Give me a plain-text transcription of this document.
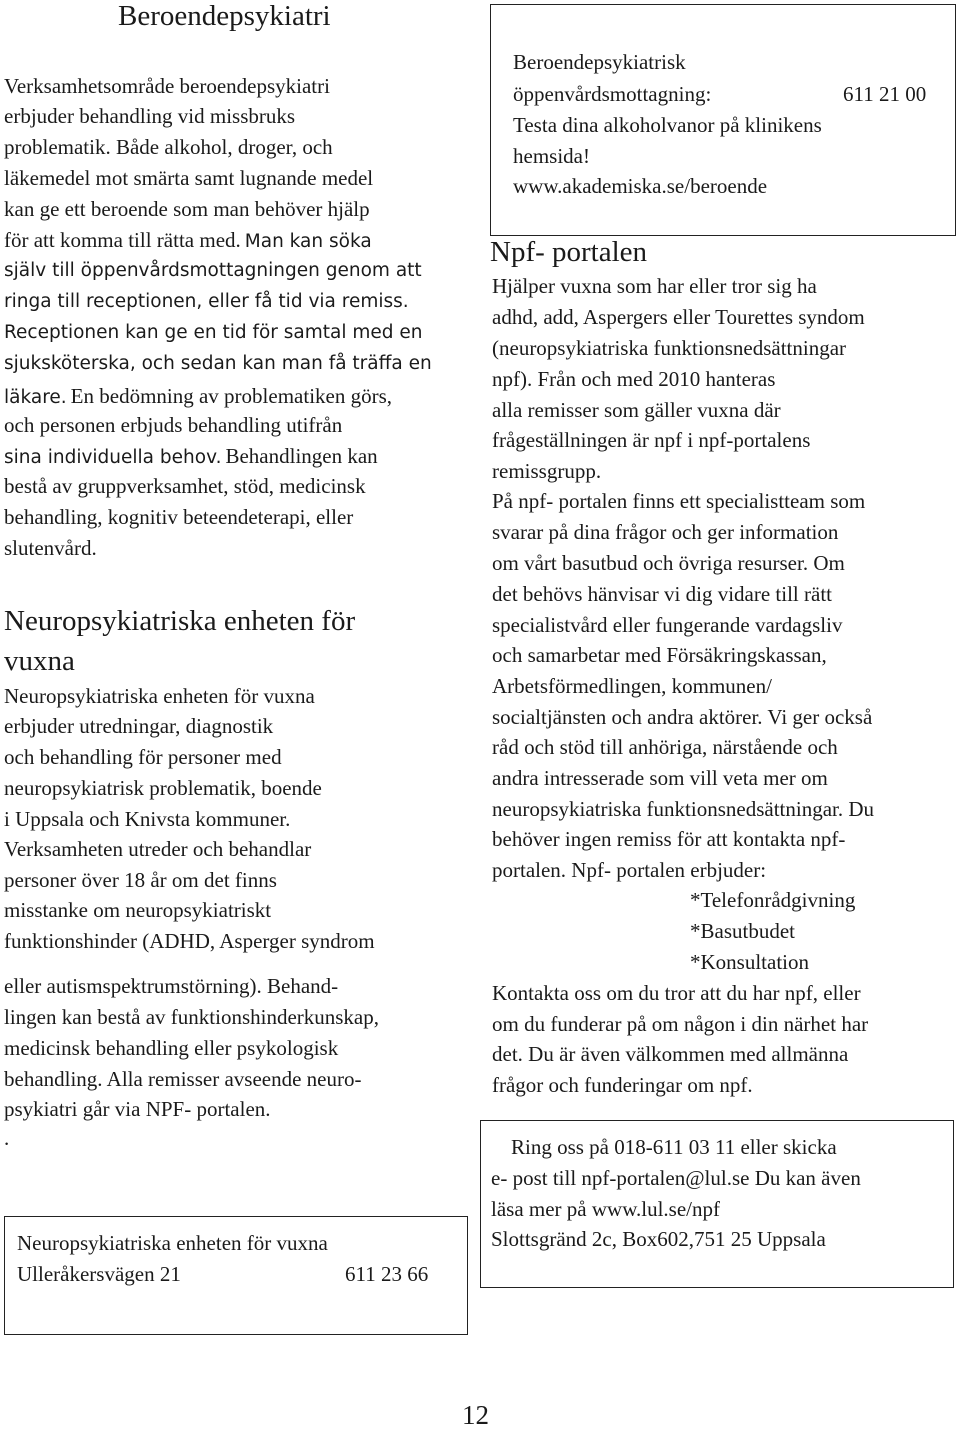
Beroendepsykiatri
Verksamhetsområde beroendepsykiatri
erbjuder behandling vid missbruks
problematik. Både alkohol, droger, och
läkemedel mot smärta samt lugnande medel
kan ge ett beroende som man behöver hjälp
för att komma till rätta med. Man kan söka
själv till öppenvårdsmottagningen genom att
ringa till receptionen, eller få tid via remiss.
Receptionen kan ge en tid för samtal med en
sjuksköterska, och sedan kan man få träffa en
läkare. En bedömning av problematiken görs,
och personen erbjuds behandling utifrån
sina individuella behov. Behandlingen kan
bestå av gruppverksamhet, stöd, medicinsk
behandling, kognitiv beteendeterapi, eller
slutenvård.
Neuropsykiatriska enheten för
vuxna
Neuropsykiatriska enheten för vuxna
erbjuder utredningar, diagnostik
och behandling för personer med
neuropsykiatrisk problematik, boende
i Uppsala och Knivsta kommuner.
Verksamheten utreder och behandlar
personer över 18 år om det finns
misstanke om neuropsykiatriskt
funktionshinder (ADHD, Asperger syndrom
eller autismspektrumstörning). Behand-
lingen kan bestå av funktionshinderkunskap,
medicinsk behandling eller psykologisk
behandling. Alla remisser avseende neuro-
psykiatri går via NPF- portalen.
.
Neuropsykiatriska enheten för vuxna
Ulleråkersvägen 21	611 23 66
Beroendepsykiatrisk
öppenvårdsmottagning:	611 21 00
Testa dina alkoholvanor på klinikens
hemsida!
www.akademiska.se/beroende
Npf- portalen
Hjälper vuxna som har eller tror sig ha
adhd, add, Aspergers eller Tourettes syndom
(neuropsykiatriska funktionsnedsättningar
npf). Från och med 2010 hanteras
alla remisser som gäller vuxna där
frågeställningen är npf i npf-portalens
remissgrupp.
På npf- portalen finns ett specialistteam som
svarar på dina frågor och ger information
om vårt basutbud och övriga resurser. Om
det behövs hänvisar vi dig vidare till rätt
specialistvård eller fungerande vardagsliv
och samarbetar med Försäkringskassan,
Arbetsförmedlingen, kommunen/
socialtjänsten och andra aktörer. Vi ger också
råd och stöd till anhöriga, närstående och
andra intresserade som vill veta mer om
neuropsykiatriska funktionsnedsättningar. Du
behöver ingen remiss för att kontakta npf-
portalen. Npf- portalen erbjuder:
*Telefonrådgivning
*Basutbudet
*Konsultation
Kontakta oss om du tror att du har npf, eller
om du funderar på om någon i din närhet har
det. Du är även välkommen med allmänna
frågor och funderingar om npf.
Ring oss på 018-611 03 11 eller skicka
e- post till npf-portalen@lul.se Du kan även
läsa mer på www.lul.se/npf
Slottsgränd 2c, Box602,751 25 Uppsala
12
